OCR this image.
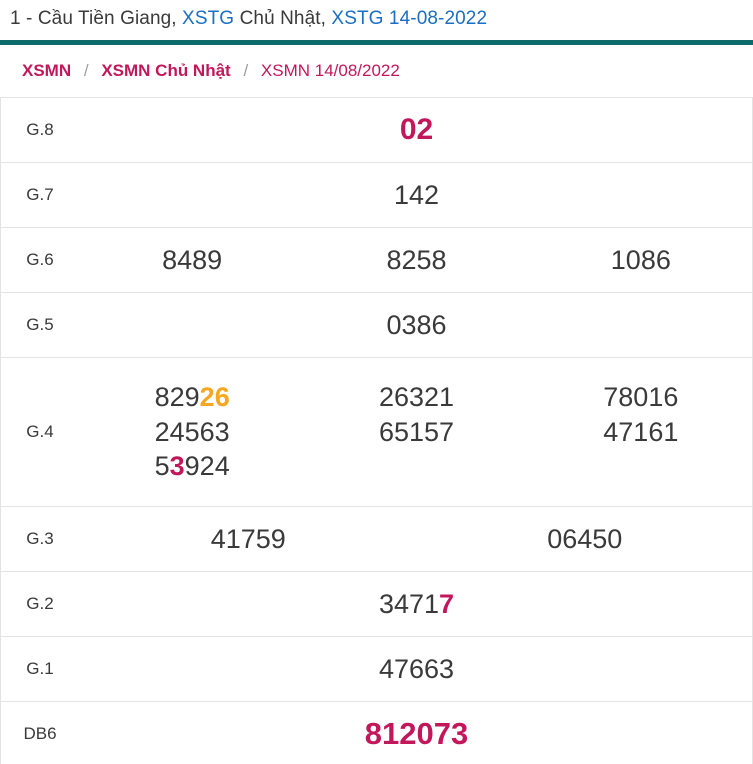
1 - Cầu Tiền Giang, XSTG Chủ Nhật, XSTG 14-08-2022
XSMN / XSMN Chủ Nhật / XSMN 14/08/2022
G.8	02

G.7	142

G.6	8489 8258 1086

G.5	0386

G.4	
82926	26321	78016
24563	65157	47161
53924

G.3	41759 06450

G.2	34717

G.1	47663

DB6	812073
